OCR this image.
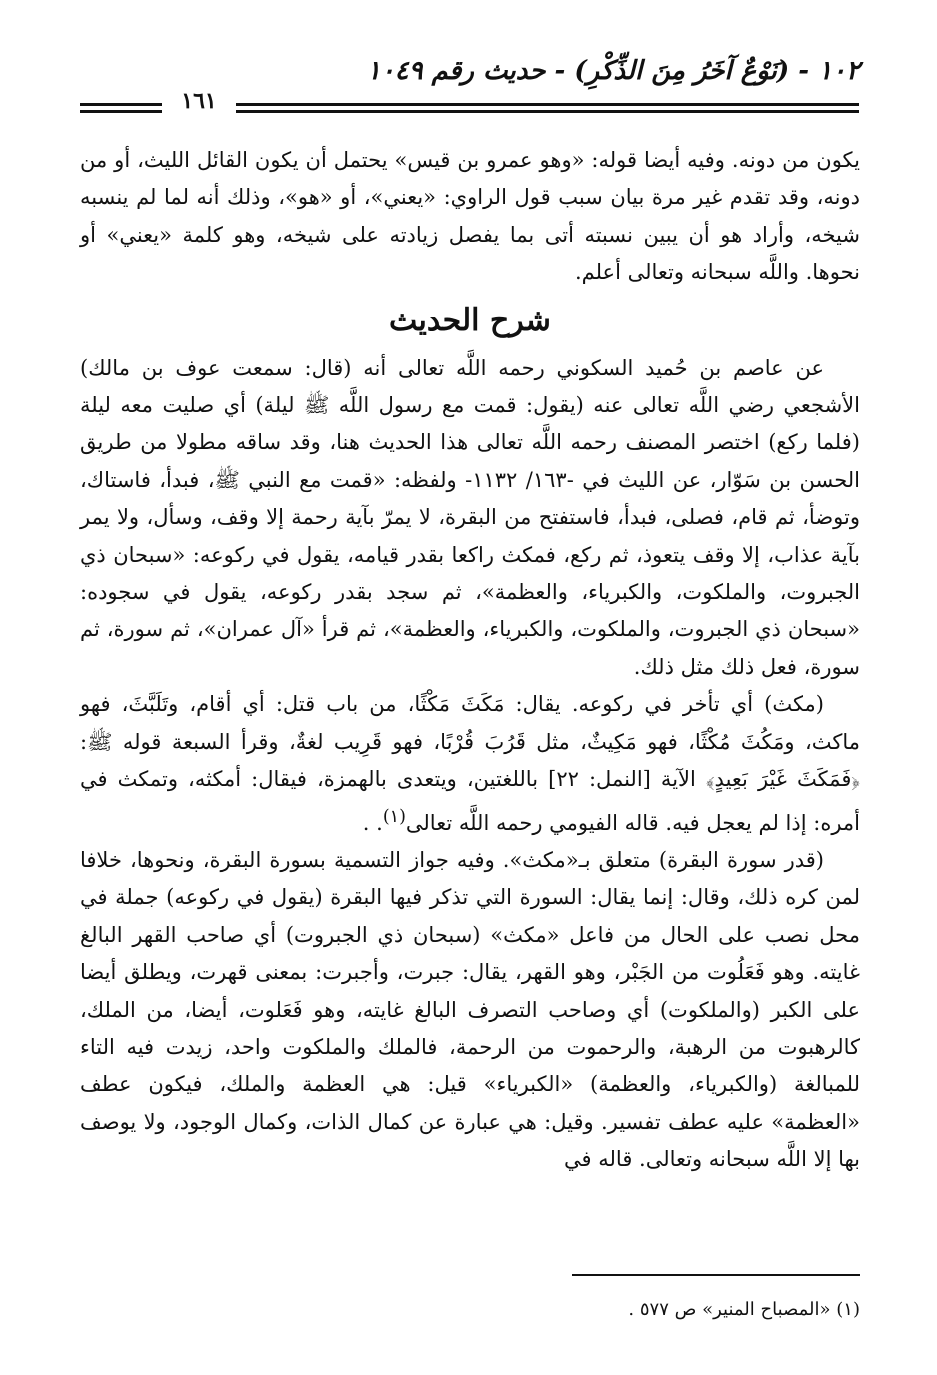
١٠٢ - (نَوْعٌ آخَرُ مِنَ الذِّكْرِ) - حديث رقم ١٠٤٩
١٦١

يكون من دونه. وفيه أيضا قوله: «وهو عمرو بن قيس» يحتمل أن يكون القائل الليث، أو من دونه، وقد تقدم غير مرة بيان سبب قول الراوي: «يعني»، أو «هو»، وذلك أنه لما لم ينسبه شيخه، وأراد هو أن يبين نسبته أتى بما يفصل زيادته على شيخه، وهو كلمة «يعني» أو نحوها. واللَّه سبحانه وتعالى أعلم.

شرح الحديث

عن عاصم بن حُميد السكوني رحمه اللَّه تعالى أنه (قال: سمعت عوف بن مالك) الأشجعي رضي اللَّه تعالى عنه (يقول: قمت مع رسول اللَّه ﷺ ليلة) أي صليت معه ليلة (فلما ركع) اختصر المصنف رحمه اللَّه تعالى هذا الحديث هنا، وقد ساقه مطولا من طريق الحسن بن سَوّار، عن الليث في -١٦٣/ ١١٣٢- ولفظه: «قمت مع النبي ﷺ، فبدأ، فاستاك، وتوضأ، ثم قام، فصلى، فبدأ، فاستفتح من البقرة، لا يمرّ بآية رحمة إلا وقف، وسأل، ولا يمر بآية عذاب، إلا وقف يتعوذ، ثم ركع، فمكث راكعا بقدر قيامه، يقول في ركوعه: «سبحان ذي الجبروت، والملكوت، والكبرياء، والعظمة»، ثم سجد بقدر ركوعه، يقول في سجوده: «سبحان ذي الجبروت، والملكوت، والكبرياء، والعظمة»، ثم قرأ «آل عمران»، ثم سورة، ثم سورة، فعل ذلك مثل ذلك.

(مكث) أي تأخر في ركوعه. يقال: مَكَثَ مَكْثًا، من باب قتل: أي أقام، وتَلَبَّثَ، فهو ماكث، ومَكُثَ مُكْثًا، فهو مَكِيثٌ، مثل قَرُبَ قُرْبًا، فهو قَرِيب لغةٌ، وقرأ السبعة قوله ﷺ: ﴿فَمَكَثَ غَيْرَ بَعِيدٍ﴾ الآية [النمل: ٢٢] باللغتين، ويتعدى بالهمزة، فيقال: أمكثه، وتمكث في أمره: إذا لم يعجل فيه. قاله الفيومي رحمه اللَّه تعالى$^{(١)}$. .

(قدر سورة البقرة) متعلق بـ«مكث». وفيه جواز التسمية بسورة البقرة، ونحوها، خلافا لمن كره ذلك، وقال: إنما يقال: السورة التي تذكر فيها البقرة (يقول في ركوعه) جملة في محل نصب على الحال من فاعل «مكث» (سبحان ذي الجبروت) أي صاحب القهر البالغ غايته. وهو فَعَلُوت من الجَبْر، وهو القهر، يقال: جبرت، وأجبرت: بمعنى قهرت، ويطلق أيضا على الكبر (والملكوت) أي وصاحب التصرف البالغ غايته، وهو فَعَلوت، أيضا، من الملك، كالرهبوت من الرهبة، والرحموت من الرحمة، فالملك والملكوت واحد، زيدت فيه التاء للمبالغة (والكبرياء، والعظمة) «الكبرياء» قيل: هي العظمة والملك، فيكون عطف «العظمة» عليه عطف تفسير. وقيل: هي عبارة عن كمال الذات، وكمال الوجود، ولا يوصف بها إلا اللَّه سبحانه وتعالى. قاله في

(١) «المصباح المنير» ص ٥٧٧ .
